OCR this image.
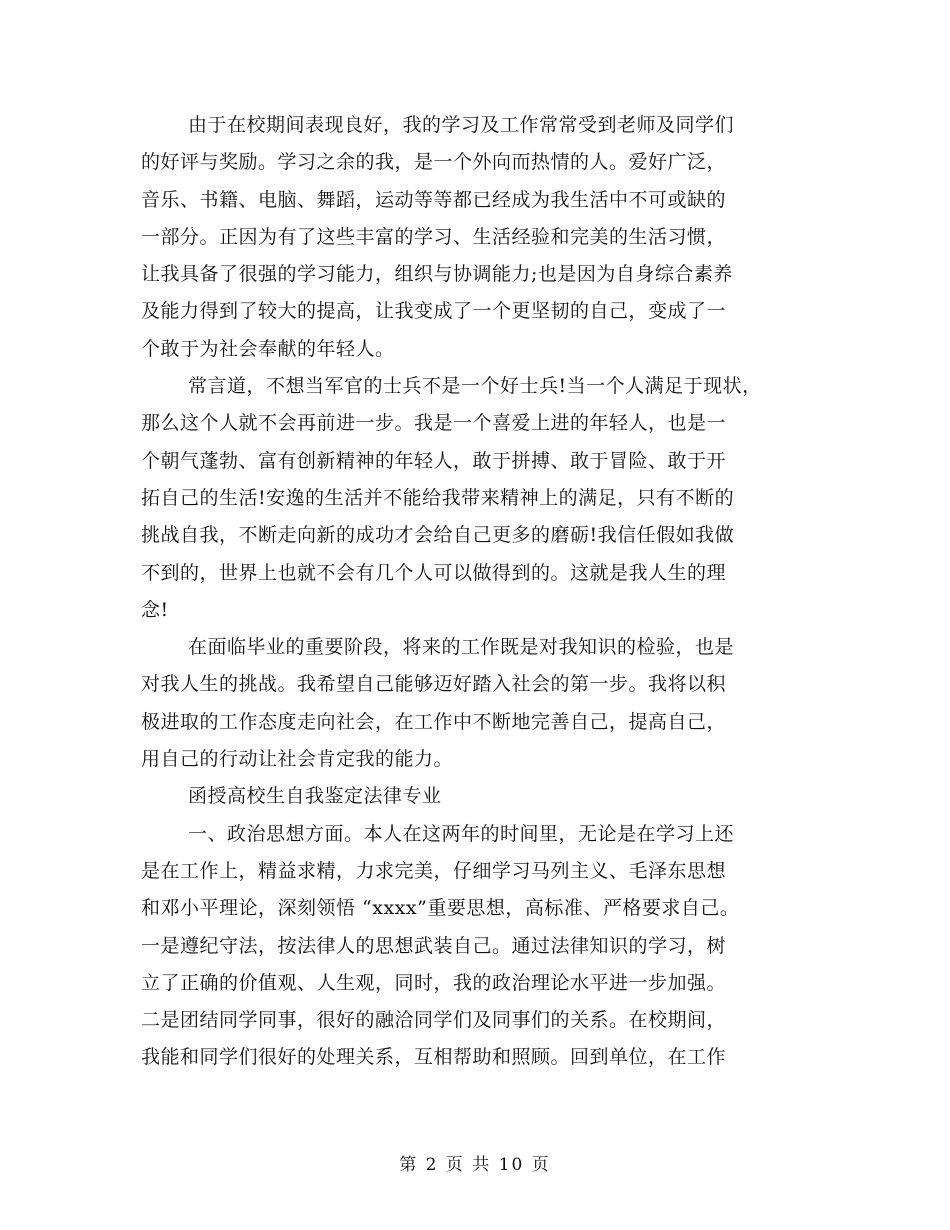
由于在校期间表现良好，我的学习及工作常常受到老师及同学们
的好评与奖励。学习之余的我，是一个外向而热情的人。爱好广泛，
音乐、书籍、电脑、舞蹈，运动等等都已经成为我生活中不可或缺的
一部分。正因为有了这些丰富的学习、生活经验和完美的生活习惯，
让我具备了很强的学习能力，组织与协调能力;也是因为自身综合素养
及能力得到了较大的提高，让我变成了一个更坚韧的自己，变成了一
个敢于为社会奉献的年轻人。
常言道，不想当军官的士兵不是一个好士兵!当一个人满足于现状，
那么这个人就不会再前进一步。我是一个喜爱上进的年轻人，也是一
个朝气蓬勃、富有创新精神的年轻人，敢于拼搏、敢于冒险、敢于开
拓自己的生活!安逸的生活并不能给我带来精神上的满足，只有不断的
挑战自我，不断走向新的成功才会给自己更多的磨砺!我信任假如我做
不到的，世界上也就不会有几个人可以做得到的。这就是我人生的理
念!
在面临毕业的重要阶段，将来的工作既是对我知识的检验，也是
对我人生的挑战。我希望自己能够迈好踏入社会的第一步。我将以积
极进取的工作态度走向社会，在工作中不断地完善自己，提高自己，
用自己的行动让社会肯定我的能力。
函授高校生自我鉴定法律专业
一、政治思想方面。本人在这两年的时间里，无论是在学习上还
是在工作上，精益求精，力求完美，仔细学习马列主义、毛泽东思想
和邓小平理论，深刻领悟 “xxxx”重要思想，高标准、严格要求自己。
一是遵纪守法，按法律人的思想武装自己。通过法律知识的学习，树
立了正确的价值观、人生观，同时，我的政治理论水平进一步加强。
二是团结同学同事，很好的融洽同学们及同事们的关系。在校期间，
我能和同学们很好的处理关系，互相帮助和照顾。回到单位，在工作
第 2 页 共 10 页
